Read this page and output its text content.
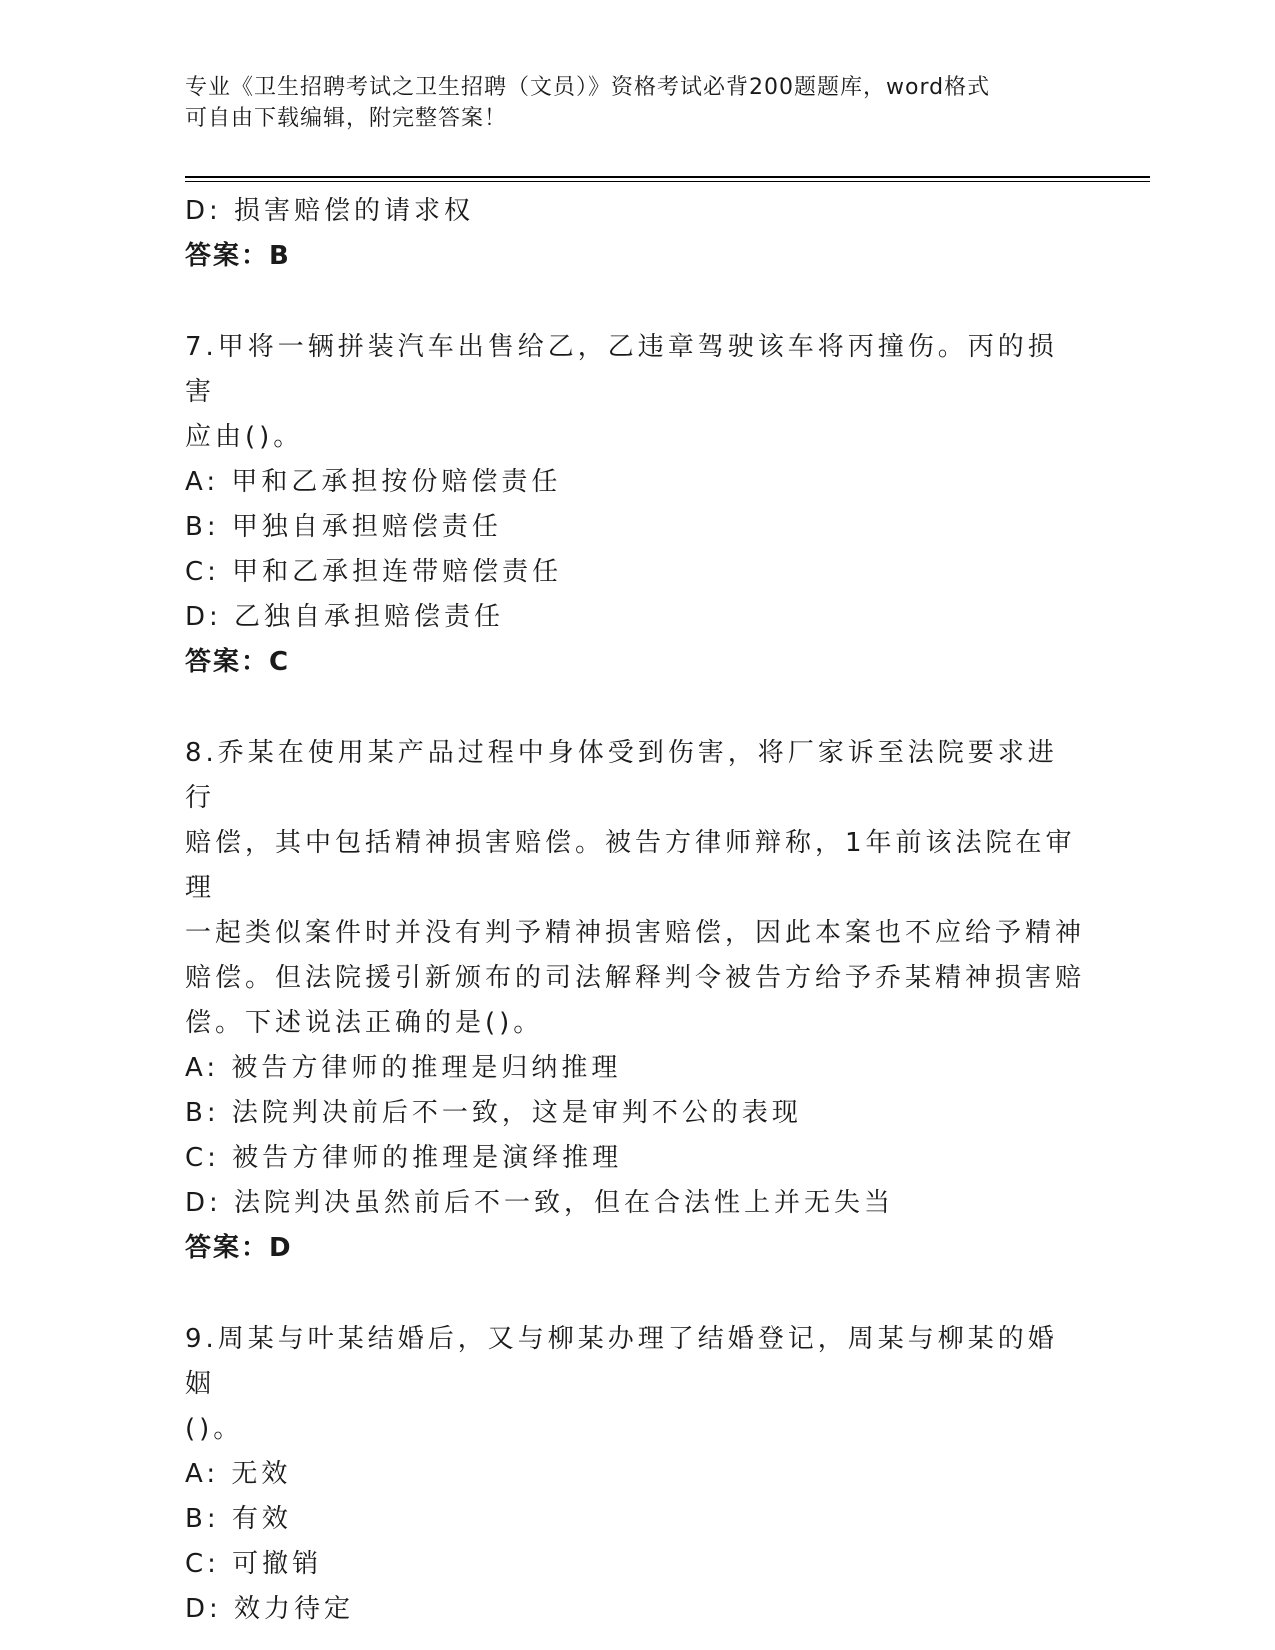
专业《卫生招聘考试之卫生招聘（文员）》资格考试必背200题题库，word格式
可自由下载编辑，附完整答案！
D: 损害赔偿的请求权
答案：B
7.甲将一辆拼装汽车出售给乙，乙违章驾驶该车将丙撞伤。丙的损害
应由()。
A: 甲和乙承担按份赔偿责任
B: 甲独自承担赔偿责任
C: 甲和乙承担连带赔偿责任
D: 乙独自承担赔偿责任
答案：C
8.乔某在使用某产品过程中身体受到伤害，将厂家诉至法院要求进行
赔偿，其中包括精神损害赔偿。被告方律师辩称，1年前该法院在审理
一起类似案件时并没有判予精神损害赔偿，因此本案也不应给予精神
赔偿。但法院援引新颁布的司法解释判令被告方给予乔某精神损害赔
偿。下述说法正确的是()。
A: 被告方律师的推理是归纳推理
B: 法院判决前后不一致，这是审判不公的表现
C: 被告方律师的推理是演绎推理
D: 法院判决虽然前后不一致，但在合法性上并无失当
答案：D
9.周某与叶某结婚后，又与柳某办理了结婚登记，周某与柳某的婚姻
()。
A: 无效
B: 有效
C: 可撤销
D: 效力待定
